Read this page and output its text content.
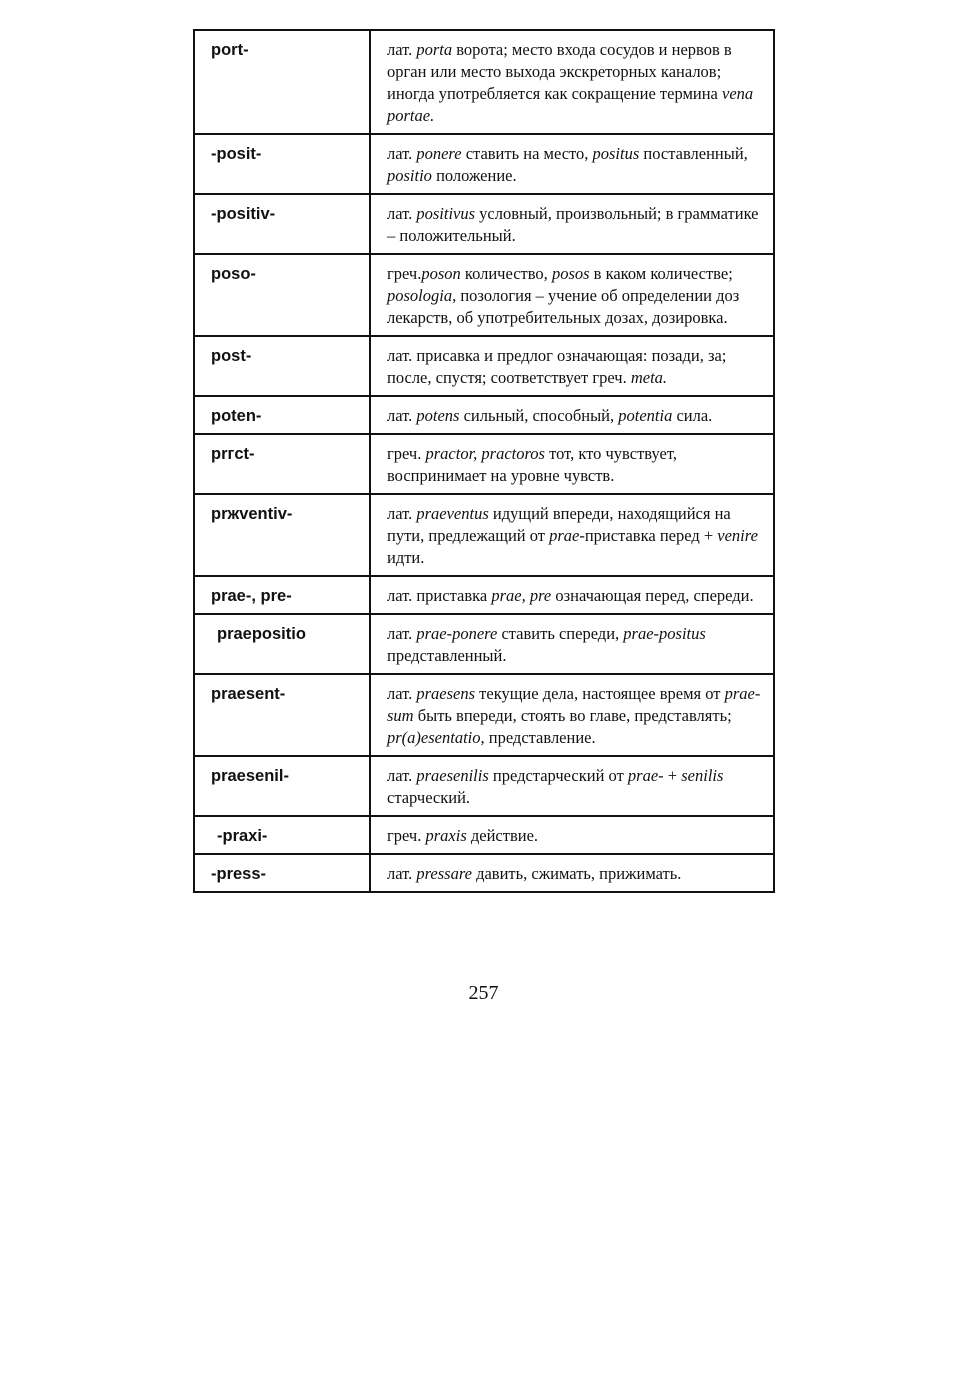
port-	лат. porta ворота; место входа сосудов и нервов в орган или место выхода экскреторных каналов; иногда употребляется как сокращение термина vena portae.
-posit-	лат. ponere ставить на место, positus поставленный, positio положение.
-positiv-	лат. positivus условный, произвольный; в грамматике – положительный.
poso-	греч.poson количество, posos в каком количестве; posologia, позология – учение об определении доз лекарств, об употребительных дозах, дозировка.
post-	лат. присавка и предлог означающая: позади, за; после, спустя; соответствует греч. meta.
poten-	лат. potens сильный, способный, potentia сила.
prгct-	греч. practor, practoros тот, кто чувствует, воспринимает на уровне чувств.
prжventiv-	лат. praeventus идущий впереди, находящийся на пути, предлежащий от prae-приставка перед + venire идти.
prae-, pre-	лат. приставка prae, pre означающая перед, спереди.
praepositio	лат. prae-ponere ставить спереди, prae-positus представленный.
praesent-	лат. praesens текущие дела, настоящее время от prae-sum быть впереди, стоять во главе, представлять; pr(a)esentatio, представление.
praesenil-	лат. praesenilis предстарческий от prae- + senilis старческий.
-praxi-	греч. praxis действие.
-press-	лат. pressare давить, сжимать, прижимать.
257
